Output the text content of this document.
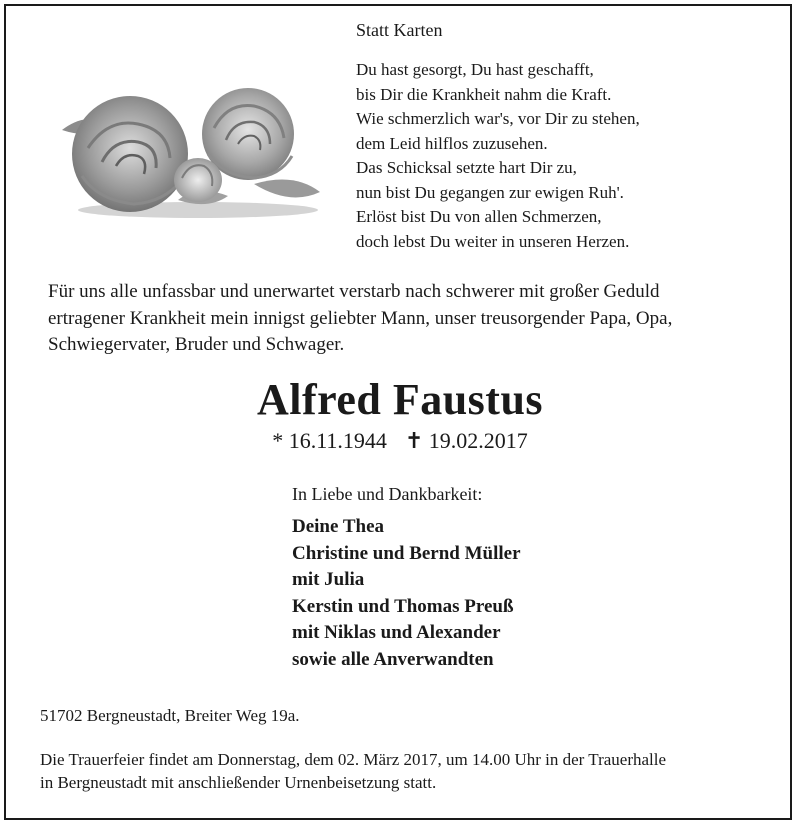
Statt Karten
Du hast gesorgt, Du hast geschafft,
bis Dir die Krankheit nahm die Kraft.
Wie schmerzlich war's, vor Dir zu stehen,
dem Leid hilflos zuzusehen.
Das Schicksal setzte hart Dir zu,
nun bist Du gegangen zur ewigen Ruh'.
Erlöst bist Du von allen Schmerzen,
doch lebst Du weiter in unseren Herzen.
Für uns alle unfassbar und unerwartet verstarb nach schwerer mit großer Geduld
ertragener Krankheit mein innigst geliebter Mann, unser treusorgender Papa, Opa,
Schwiegervater, Bruder und Schwager.
Alfred Faustus
* 16.11.1944 ✝ 19.02.2017
In Liebe und Dankbarkeit:
Deine Thea
Christine und Bernd Müller
mit Julia
Kerstin und Thomas Preuß
mit Niklas und Alexander
sowie alle Anverwandten
51702 Bergneustadt, Breiter Weg 19a.
Die Trauerfeier findet am Donnerstag, dem 02. März 2017, um 14.00 Uhr in der Trauerhalle
in Bergneustadt mit anschließender Urnenbeisetzung statt.
